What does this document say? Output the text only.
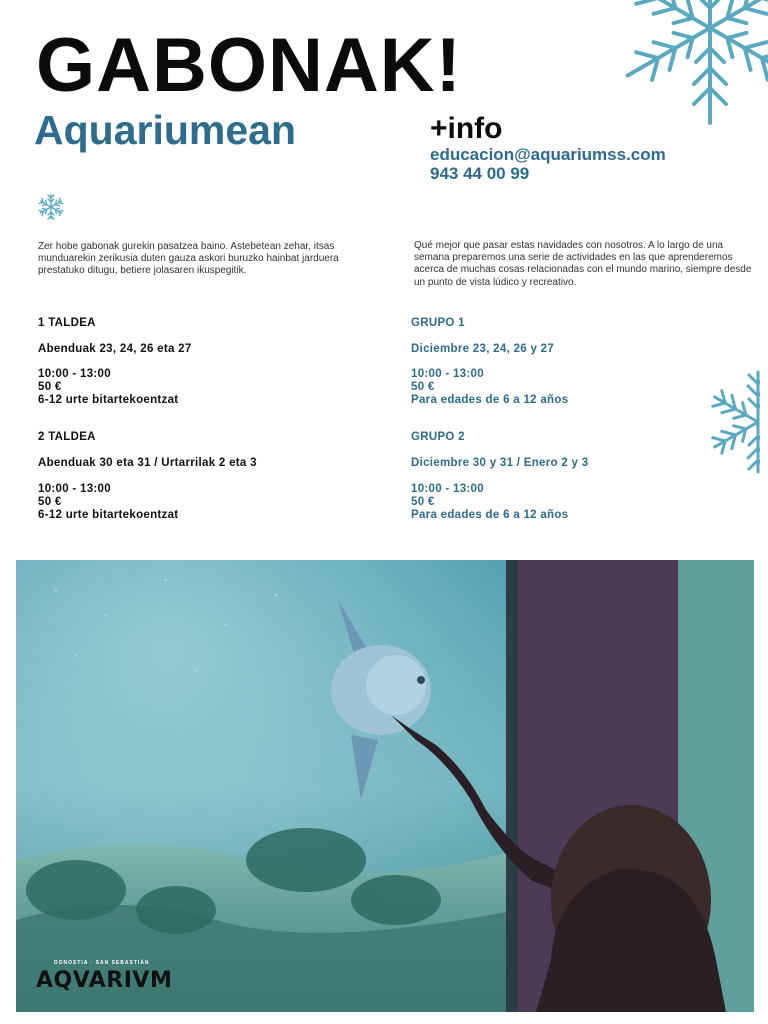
GABONAK!
Aquariumean	+info
educacion@aquariumss.com
943 44 00 99

Zer hobe gabonak gurekin pasatzea baino. Astebetean zehar, itsas munduarekin zerikusia duten gauza askori buruzko hainbat jarduera prestatuko ditugu, betiere jolasaren ikuspegitik.

Qué mejor que pasar estas navidades con nosotros. A lo largo de una semana preparemos una serie de actividades en las que aprenderemos acerca de muchas cosas relacionadas con el mundo marino, siempre desde un punto de vista lúdico y recreativo.

1 TALDEA
Abenduak 23, 24, 26 eta 27
10:00 - 13:00
50 €
6-12 urte bitartekoentzat
2 TALDEA
Abenduak 30 eta 31 / Urtarrilak 2 eta 3
10:00 - 13:00
50 €
6-12 urte bitartekoentzat
GRUPO 1
Diciembre 23, 24, 26 y 27
10:00 - 13:00
50 €
Para edades de 6 a 12 años
GRUPO 2
Diciembre 30 y 31 / Enero 2 y 3
10:00 - 13:00
50 €
Para edades de 6 a 12 años
DONOSTIA · SAN SEBASTIÁN
AQVARIVM
